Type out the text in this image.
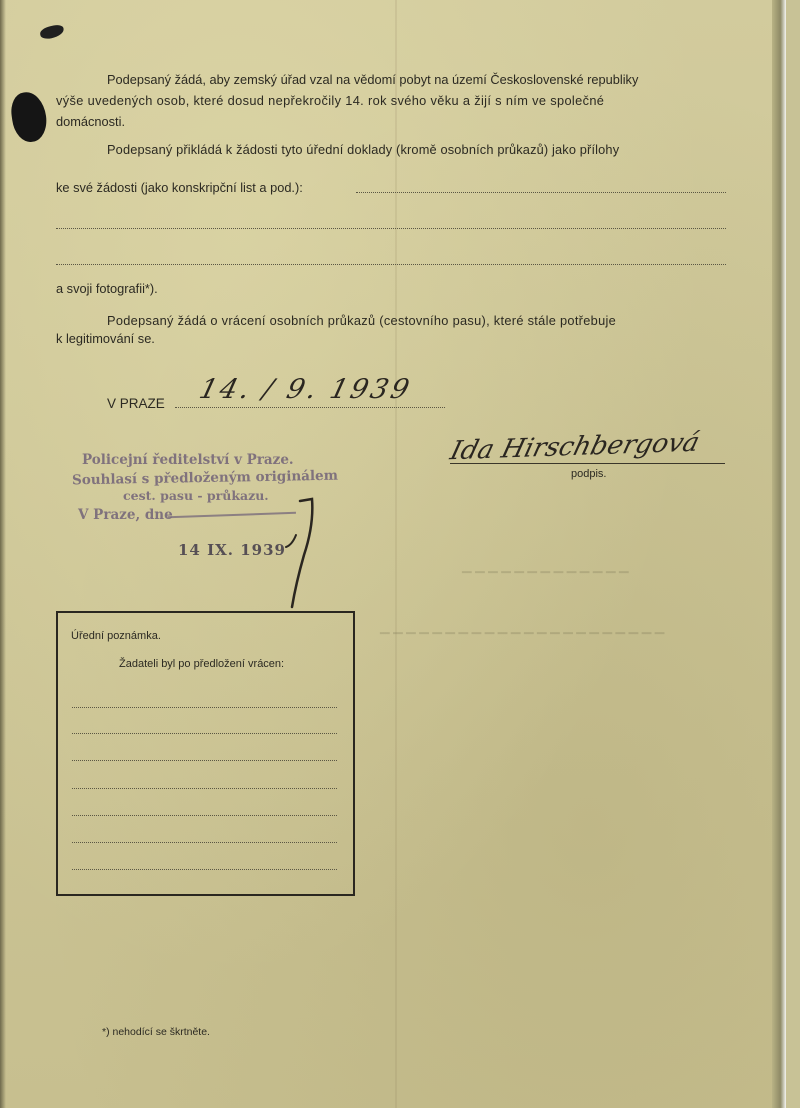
Podepsaný žádá, aby zemský úřad vzal na vědomí pobyt na území Československé republiky
výše uvedených osob, které dosud nepřekročily 14. rok svého věku a žijí s ním ve společné
domácnosti.
Podepsaný přikládá k žádosti tyto úřední doklady (kromě osobních průkazů) jako přílohy
ke své žádosti (jako konskripční list a pod.):
a svoji fotografii*).
Podepsaný žádá o vrácení osobních průkazů (cestovního pasu), které stále potřebuje
k legitimování se.
V PRAZE 14. / 9. 1939
Ida Hirschbergová
podpis.
Policejní ředitelství v Praze.
Souhlasí s předloženým originálem
cest. pasu - průkazu.
V Praze, dne
14 IX. 1939
▔ ▔ ▔ ▔ ▔ ▔ ▔ ▔ ▔ ▔ ▔ ▔ ▔
▔ ▔ ▔ ▔ ▔ ▔ ▔ ▔ ▔ ▔ ▔ ▔ ▔ ▔ ▔ ▔ ▔ ▔ ▔ ▔ ▔ ▔
Úřední poznámka.
Žadateli byl po předložení vrácen:
*) nehodící se škrtněte.
